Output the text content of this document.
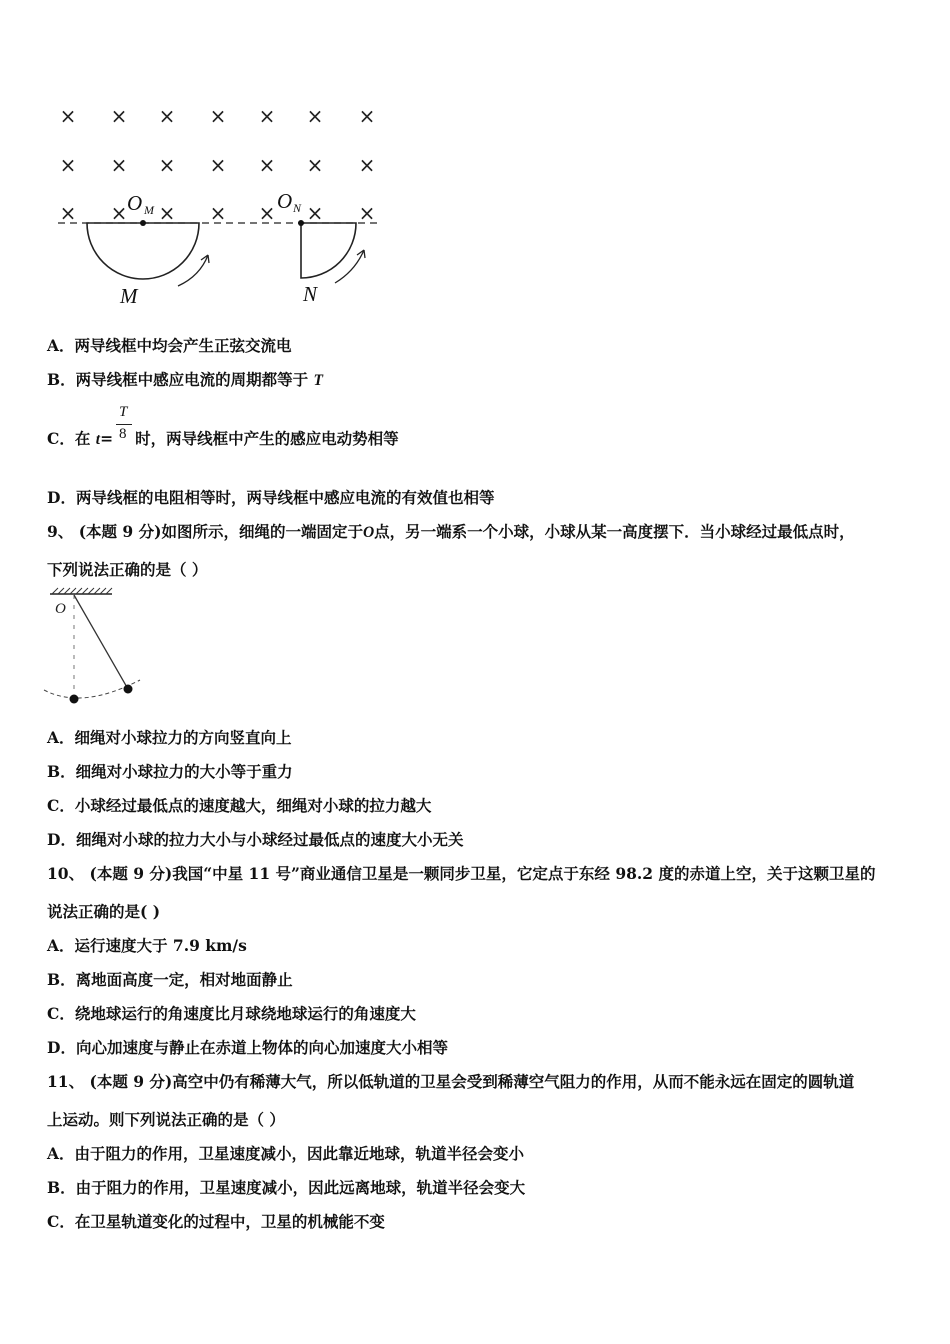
× × × × × × ×
× × × × × × ×
× × × × × × ×
O M	O N
M	N
A．两导线框中均会产生正弦交流电
B．两导线框中感应电流的周期都等于 T
C．在 t= 时，两导线框中产生的感应电动势相等
T
8
D．两导线框的电阻相等时，两导线框中感应电流的有效值也相等
9、 (本题 9 分)如图所示，细绳的一端固定于O点，另一端系一个小球，小球从某一高度摆下．当小球经过最低点时，
下列说法正确的是（ ）
O
A．细绳对小球拉力的方向竖直向上
B．细绳对小球拉力的大小等于重力
C．小球经过最低点的速度越大，细绳对小球的拉力越大
D．细绳对小球的拉力大小与小球经过最低点的速度大小无关
10、 (本题 9 分)我国“中星 11 号”商业通信卫星是一颗同步卫星，它定点于东经 98.2 度的赤道上空，关于这颗卫星的
说法正确的是( )
A．运行速度大于 7.9 km/s
B．离地面高度一定，相对地面静止
C．绕地球运行的角速度比月球绕地球运行的角速度大
D．向心加速度与静止在赤道上物体的向心加速度大小相等
11、 (本题 9 分)高空中仍有稀薄大气，所以低轨道的卫星会受到稀薄空气阻力的作用，从而不能永远在固定的圆轨道
上运动。则下列说法正确的是（ ）
A．由于阻力的作用，卫星速度减小，因此靠近地球，轨道半径会变小
B．由于阻力的作用，卫星速度减小，因此远离地球，轨道半径会变大
C．在卫星轨道变化的过程中，卫星的机械能不变
